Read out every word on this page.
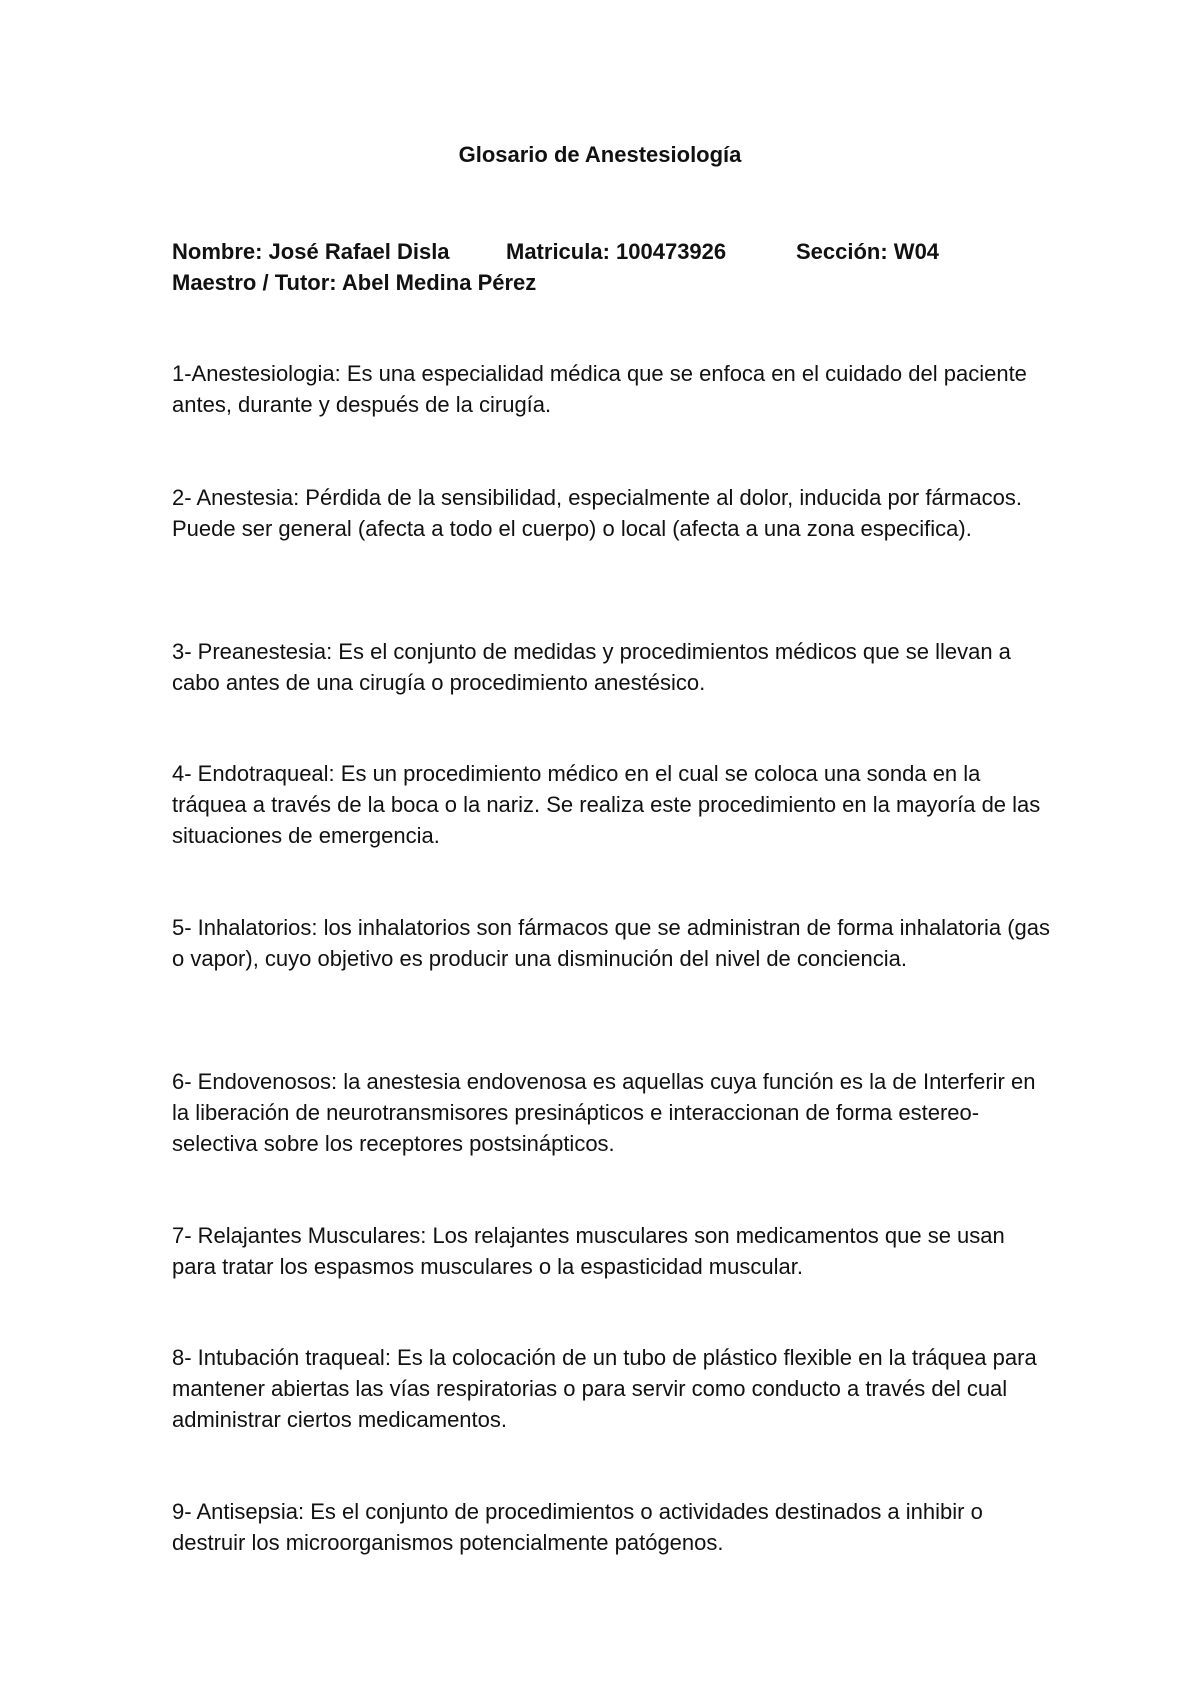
Glosario de Anestesiología
Nombre: José Rafael Disla	Matricula: 100473926	Sección: W04
Maestro / Tutor: Abel Medina Pérez
1-Anestesiologia: Es una especialidad médica que se enfoca en el cuidado del paciente antes, durante y después de la cirugía.
2- Anestesia: Pérdida de la sensibilidad, especialmente al dolor, inducida por fármacos. Puede ser general (afecta a todo el cuerpo) o local (afecta a una zona especifica).
3- Preanestesia: Es el conjunto de medidas y procedimientos médicos que se llevan a cabo antes de una cirugía o procedimiento anestésico.
4- Endotraqueal: Es un procedimiento médico en el cual se coloca una sonda en la tráquea a través de la boca o la nariz. Se realiza este procedimiento en la mayoría de las situaciones de emergencia.
5- Inhalatorios: los inhalatorios son fármacos que se administran de forma inhalatoria (gas o vapor), cuyo objetivo es producir una disminución del nivel de conciencia.
6- Endovenosos: la anestesia endovenosa es aquellas cuya función es la de Interferir en la liberación de neurotransmisores presinápticos e interaccionan de forma estereo-selectiva sobre los receptores postsinápticos.
7- Relajantes Musculares: Los relajantes musculares son medicamentos que se usan para tratar los espasmos musculares o la espasticidad muscular.
8- Intubación traqueal: Es la colocación de un tubo de plástico flexible en la tráquea para mantener abiertas las vías respiratorias o para servir como conducto a través del cual administrar ciertos medicamentos.
9- Antisepsia: Es el conjunto de procedimientos o actividades destinados a inhibir o destruir los microorganismos potencialmente patógenos.
